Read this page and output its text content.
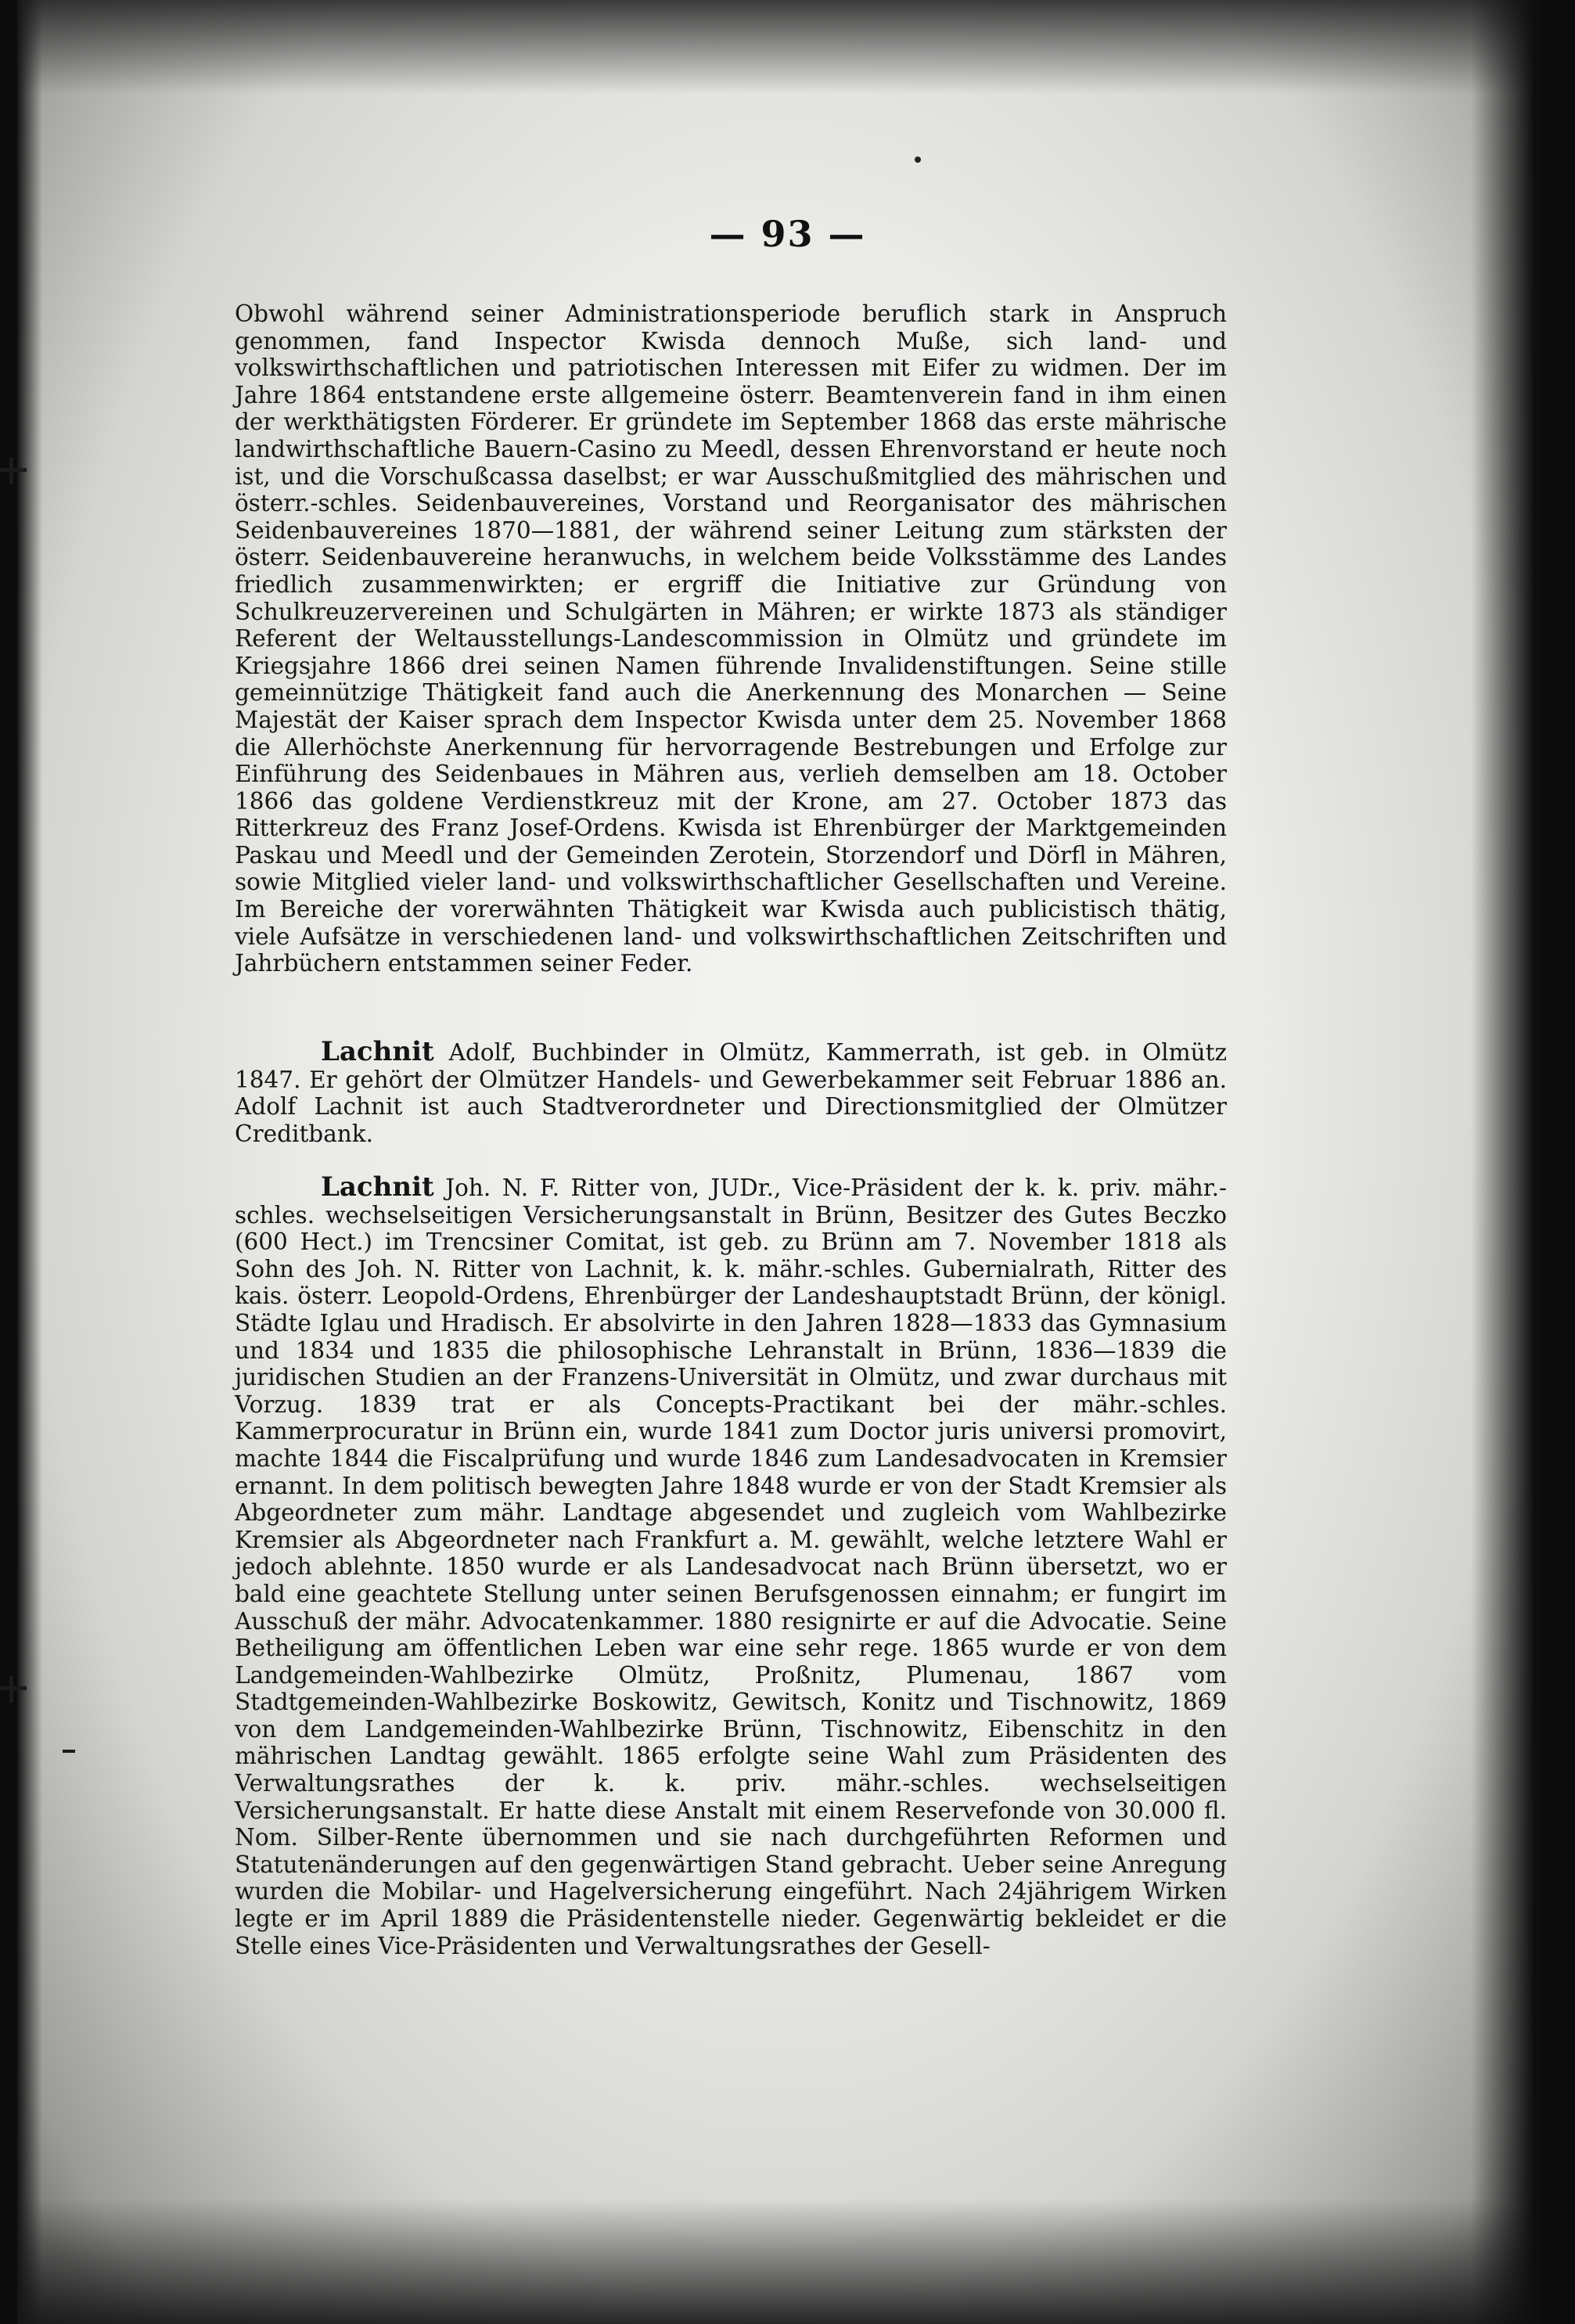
— 93 —

Obwohl während seiner Administrationsperiode beruflich stark in Anspruch genommen, fand Inspector Kwisda dennoch Muße, sich land- und volkswirthschaftlichen und patriotischen Interessen mit Eifer zu widmen. Der im Jahre 1864 entstandene erste allgemeine österr. Beamtenverein fand in ihm einen der werkthätigsten Förderer. Er gründete im September 1868 das erste mährische landwirthschaftliche Bauern-Casino zu Meedl, dessen Ehrenvorstand er heute noch ist, und die Vorschußcassa daselbst; er war Ausschußmitglied des mährischen und österr.-schles. Seidenbauvereines, Vorstand und Reorganisator des mährischen Seidenbauvereines 1870—1881, der während seiner Leitung zum stärksten der österr. Seidenbauvereine heranwuchs, in welchem beide Volksstämme des Landes friedlich zusammenwirkten; er ergriff die Initiative zur Gründung von Schulkreuzervereinen und Schulgärten in Mähren; er wirkte 1873 als ständiger Referent der Weltausstellungs-Landescommission in Olmütz und gründete im Kriegsjahre 1866 drei seinen Namen führende Invalidenstiftungen. Seine stille gemeinnützige Thätigkeit fand auch die Anerkennung des Monarchen — Seine Majestät der Kaiser sprach dem Inspector Kwisda unter dem 25. November 1868 die Allerhöchste Anerkennung für hervorragende Bestrebungen und Erfolge zur Einführung des Seidenbaues in Mähren aus, verlieh demselben am 18. October 1866 das goldene Verdienstkreuz mit der Krone, am 27. October 1873 das Ritterkreuz des Franz Josef-Ordens. Kwisda ist Ehrenbürger der Marktgemeinden Paskau und Meedl und der Gemeinden Zerotein, Storzendorf und Dörfl in Mähren, sowie Mitglied vieler land- und volkswirthschaftlicher Gesellschaften und Vereine. Im Bereiche der vorerwähnten Thätigkeit war Kwisda auch publicistisch thätig, viele Aufsätze in verschiedenen land- und volkswirthschaftlichen Zeitschriften und Jahrbüchern entstammen seiner Feder.

Lachnit Adolf, Buchbinder in Olmütz, Kammerrath, ist geb. in Olmütz 1847. Er gehört der Olmützer Handels- und Gewerbekammer seit Februar 1886 an. Adolf Lachnit ist auch Stadtverordneter und Directionsmitglied der Olmützer Creditbank.

Lachnit Joh. N. F. Ritter von, JUDr., Vice-Präsident der k. k. priv. mähr.-schles. wechselseitigen Versicherungsanstalt in Brünn, Besitzer des Gutes Beczko (600 Hect.) im Trencsiner Comitat, ist geb. zu Brünn am 7. November 1818 als Sohn des Joh. N. Ritter von Lachnit, k. k. mähr.-schles. Gubernialrath, Ritter des kais. österr. Leopold-Ordens, Ehrenbürger der Landeshauptstadt Brünn, der königl. Städte Iglau und Hradisch. Er absolvirte in den Jahren 1828—1833 das Gymnasium und 1834 und 1835 die philosophische Lehranstalt in Brünn, 1836—1839 die juridischen Studien an der Franzens-Universität in Olmütz, und zwar durchaus mit Vorzug. 1839 trat er als Concepts-Practikant bei der mähr.-schles. Kammerprocuratur in Brünn ein, wurde 1841 zum Doctor juris universi promovirt, machte 1844 die Fiscalprüfung und wurde 1846 zum Landesadvocaten in Kremsier ernannt. In dem politisch bewegten Jahre 1848 wurde er von der Stadt Kremsier als Abgeordneter zum mähr. Landtage abgesendet und zugleich vom Wahlbezirke Kremsier als Abgeordneter nach Frankfurt a. M. gewählt, welche letztere Wahl er jedoch ablehnte. 1850 wurde er als Landesadvocat nach Brünn übersetzt, wo er bald eine geachtete Stellung unter seinen Berufsgenossen einnahm; er fungirt im Ausschuß der mähr. Advocatenkammer. 1880 resignirte er auf die Advocatie. Seine Betheiligung am öffentlichen Leben war eine sehr rege. 1865 wurde er von dem Landgemeinden-Wahlbezirke Olmütz, Proßnitz, Plumenau, 1867 vom Stadtgemeinden-Wahlbezirke Boskowitz, Gewitsch, Konitz und Tischnowitz, 1869 von dem Landgemeinden-Wahlbezirke Brünn, Tischnowitz, Eibenschitz in den mährischen Landtag gewählt. 1865 erfolgte seine Wahl zum Präsidenten des Verwaltungsrathes der k. k. priv. mähr.-schles. wechselseitigen Versicherungsanstalt. Er hatte diese Anstalt mit einem Reservefonde von 30.000 fl. Nom. Silber-Rente übernommen und sie nach durchgeführten Reformen und Statutenänderungen auf den gegenwärtigen Stand gebracht. Ueber seine Anregung wurden die Mobilar- und Hagelversicherung eingeführt. Nach 24jährigem Wirken legte er im April 1889 die Präsidentenstelle nieder. Gegenwärtig bekleidet er die Stelle eines Vice-Präsidenten und Verwaltungsrathes der Gesell-
